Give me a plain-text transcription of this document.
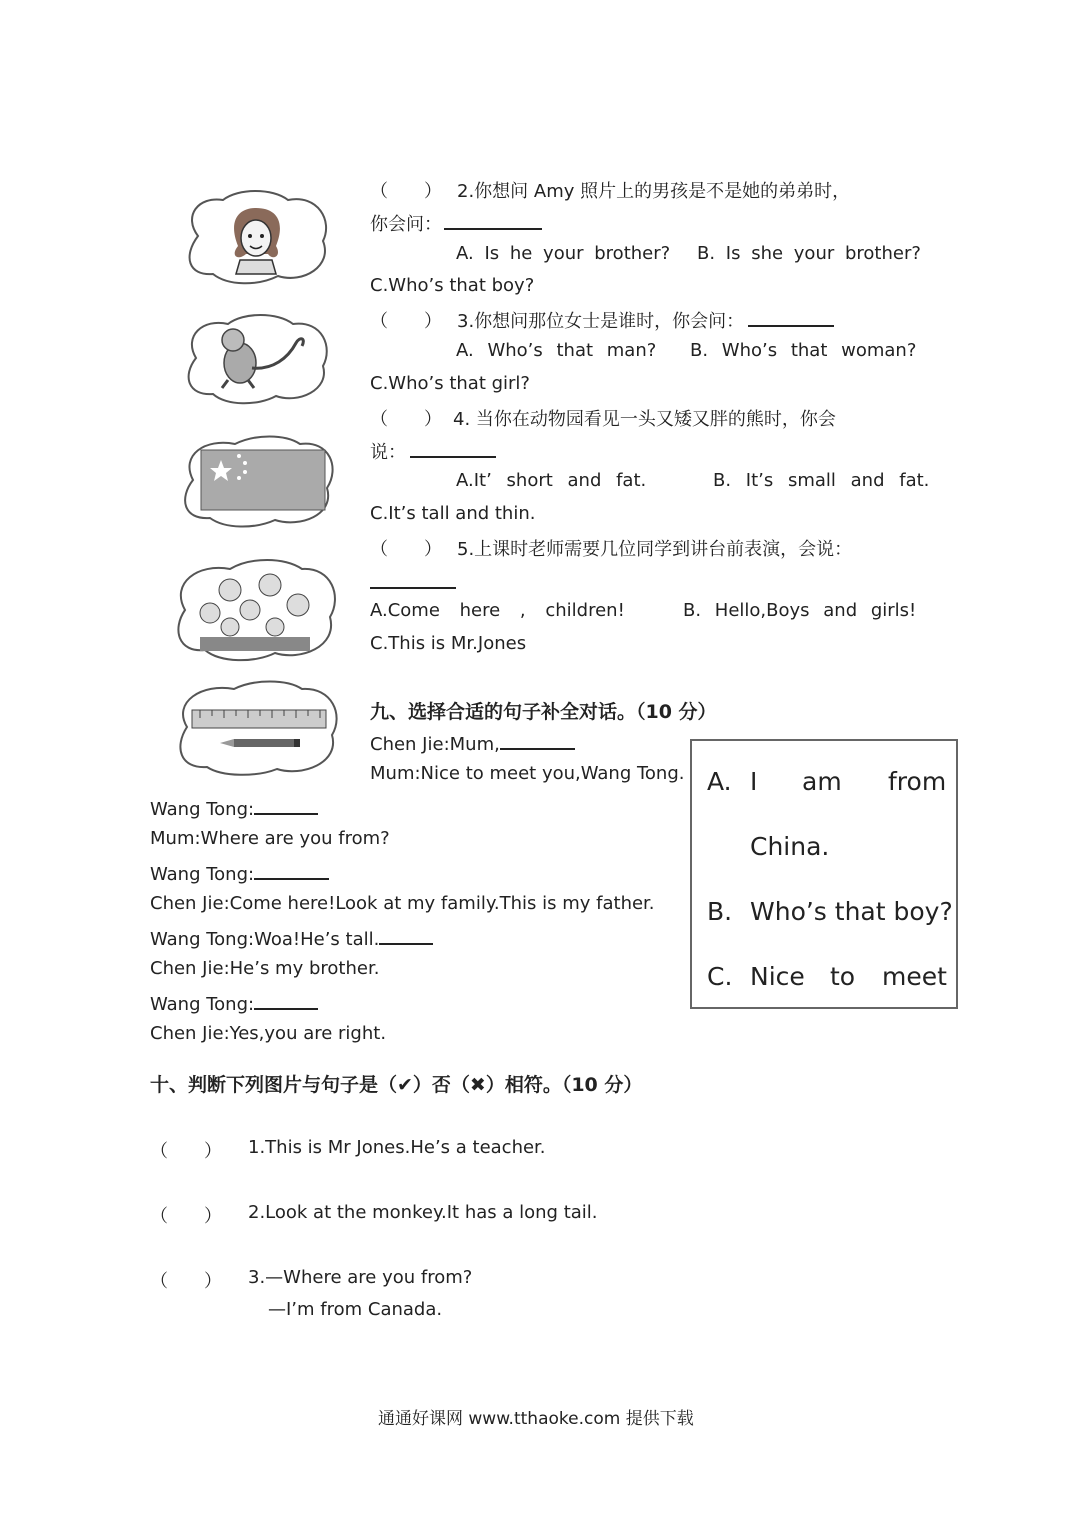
（　　） 2.你想问 Amy 照片上的男孩是不是她的弟弟时，
你会问：
A. Is he your brother? B. Is she your brother?
C.Who’s that boy?
（　　） 3.你想问那位女士是谁时，你会问：
A. Who’s that man? B. Who’s that woman?
C.Who’s that girl?
（　　） 4. 当你在动物园看见一头又矮又胖的熊时，你会
说：
A.It’ short and fat.	B. It’s small and fat.
C.It’s tall and thin.
（　　） 5.上课时老师需要几位同学到讲台前表演，会说：
A.Come here , children!	B. Hello,Boys and girls!
C.This is Mr.Jones
九、选择合适的句子补全对话。（10 分）
Chen Jie:Mum,
Mum:Nice to meet you,Wang Tong.
Wang Tong:
Mum:Where are you from?
Wang Tong:
Chen Jie:Come here!Look at my family.This is my father.
Wang Tong:Woa!He’s tall.
Chen Jie:He’s my brother.
Wang Tong:
Chen Jie:Yes,you are right.
A. I am from
China.
B. Who’s that boy?
C. Nice to meet
十、判断下列图片与句子是（✔）否（✖）相符。（10 分）
（　　） 1.This is Mr Jones.He’s a teacher.
（　　） 2.Look at the monkey.It has a long tail.
（　　） 3.—Where are you from?
—I’m from Canada.
通通好课网 www.tthaoke.com 提供下载
